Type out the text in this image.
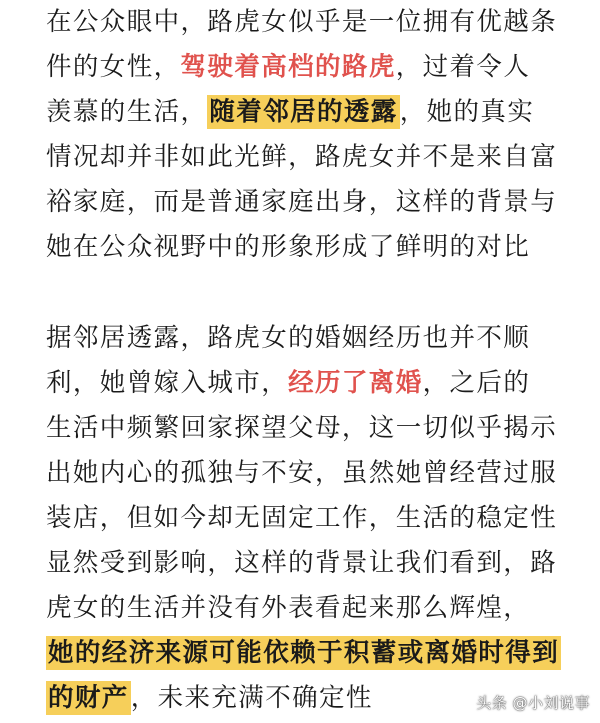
在公众眼中，路虎女似乎是一位拥有优越条
件的女性，驾驶着高档的路虎，过着令人
羡慕的生活，随着邻居的透露，她的真实
情况却并非如此光鲜，路虎女并不是来自富
裕家庭，而是普通家庭出身，这样的背景与
她在公众视野中的形象形成了鲜明的对比

据邻居透露，路虎女的婚姻经历也并不顺
利，她曾嫁入城市，经历了离婚，之后的
生活中频繁回家探望父母，这一切似乎揭示
出她内心的孤独与不安，虽然她曾经营过服
装店，但如今却无固定工作，生活的稳定性
显然受到影响，这样的背景让我们看到，路
虎女的生活并没有外表看起来那么辉煌，
她的经济来源可能依赖于积蓄或离婚时得到
的财产，未来充满不确定性	头条 @小刘说事
